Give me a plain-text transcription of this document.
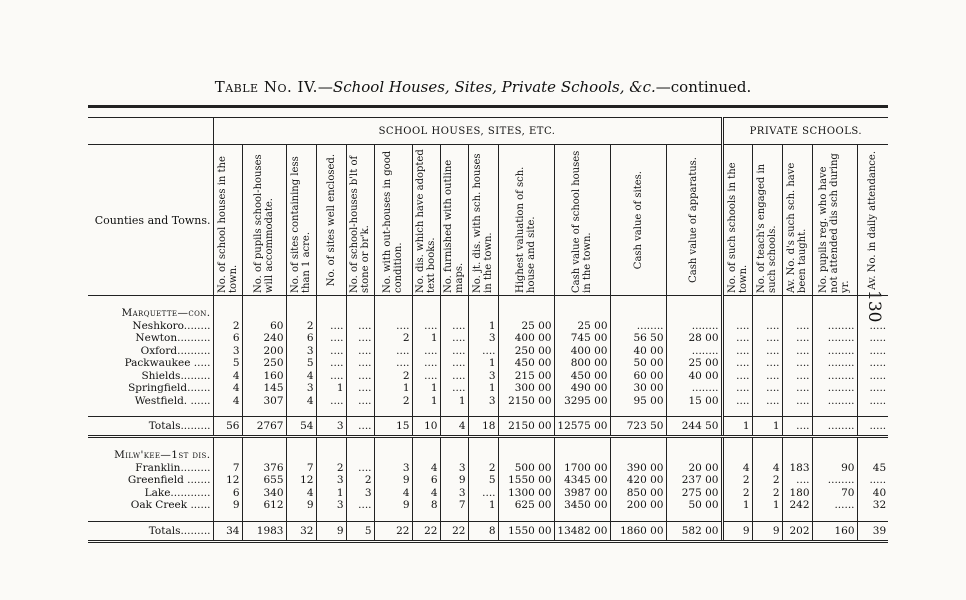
Table No. IV.—School Houses, Sites, Private Schools, &c.—continued.
130

	SCHOOL HOUSES, SITES, ETC.													PRIVATE SCHOOLS.				
Counties and Towns.	No. of school houses in the town.	No. of pupils school-houses will accommodate.	No. of sites containing less than 1 acre.	No. of sites well enclosed.	No. of school-houses b'lt of stone or br'k.	No. with out-houses in good condition.	No. dis. which have adopted text books.	No. furnished with outline maps.	No. jt. dis. with sch. houses in the town.	Highest valuation of sch. house and site.	Cash value of school houses in the town.	Cash value of sites.	Cash value of apparatus.	No. of such schools in the town.	No. of teach's engaged in such schools.	Av. No. d's such sch. have been taught.	No. pupils reg. who have not attended dis sch during yr.	Av. No. in daily attendance.

Marquette—con.																		
Neshkoro........	2	60	2	....	....	....	....	....	1	25 00	25 00	........	........	....	....	....	........	.....
Newton..........	6	240	6	....	....	2	1	....	3	400 00	745 00	56 50	28 00	....	....	....	........	.....
Oxford..........	3	200	3	....	....	....	....	....	....	250 00	400 00	40 00	........	....	....	....	........	.....
Packwaukee .....	5	250	5	....	....	....	....	....	1	450 00	800 00	50 00	25 00	....	....	....	........	.....
Shields.........	4	160	4	....	....	2	....	....	3	215 00	450 00	60 00	40 00	....	....	....	........	.....
Springfield.......	4	145	3	1	....	1	1	....	1	300 00	490 00	30 00	........	....	....	....	........	.....
Westfield. ......	4	307	4	....	....	2	1	1	3	2150 00	3295 00	95 00	15 00	....	....	....	........	.....

Totals.........	56	2767	54	3	....	15	10	4	18	2150 00	12575 00	723 50	244 50	1	1	....	........	.....

Milw'kee—1st dis.																		
Franklin.........	7	376	7	2	....	3	4	3	2	500 00	1700 00	390 00	20 00	4	4	183	90	45
Greenfield .......	12	655	12	3	2	9	6	9	5	1550 00	4345 00	420 00	237 00	2	2	....	........	.....
Lake............	6	340	4	1	3	4	4	3	....	1300 00	3987 00	850 00	275 00	2	2	180	70	40
Oak Creek ......	9	612	9	3	....	9	8	7	1	625 00	3450 00	200 00	50 00	1	1	242	......	32

Totals.........	34	1983	32	9	5	22	22	22	8	1550 00	13482 00	1860 00	582 00	9	9	202	160	39
